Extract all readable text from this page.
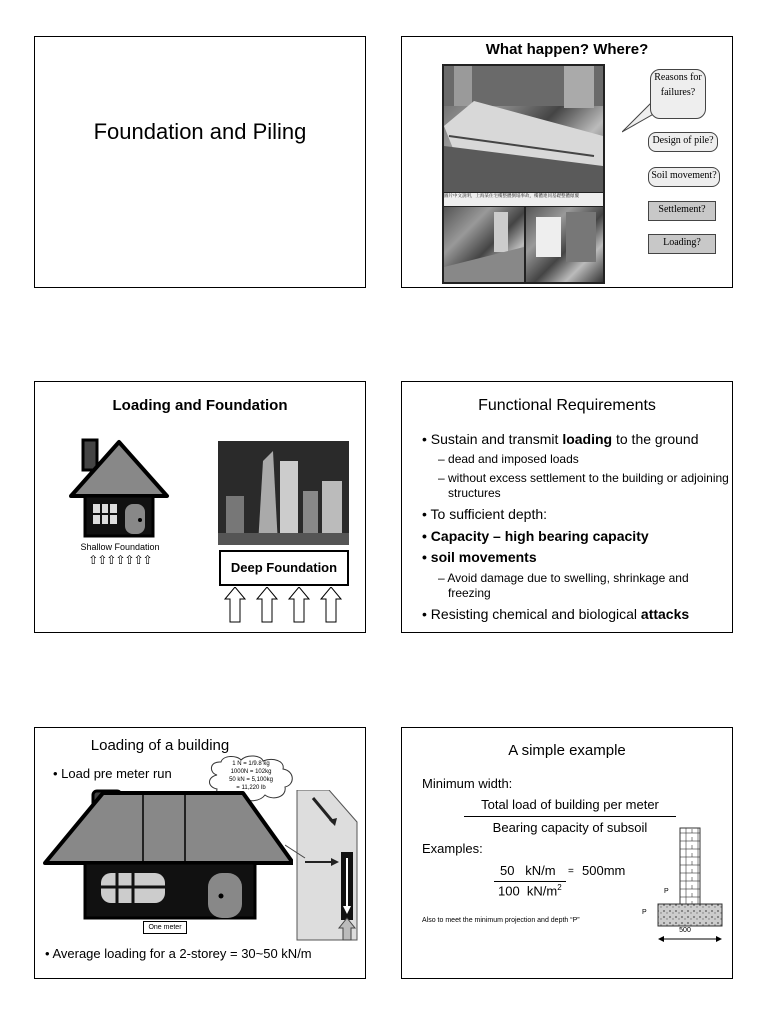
Foundation and Piling
What happen? Where?
圖片中文說明，上海某住宅樓整體倒塌事故，樓體連同基礎整體傾覆
Reasons for failures?
Design of pile?
Soil movement?
Settlement?
Loading?
Loading and Foundation
Shallow Foundation
⇧⇧⇧⇧⇧⇧⇧	Deep Foundation
Functional Requirements
• Sustain and transmit loading to the ground
– dead and imposed loads
– without excess settlement to the building or adjoining structures
• To sufficient depth:
• Capacity – high bearing capacity
• soil movements
– Avoid damage due to swelling, shrinkage and freezing
• Resisting chemical and biological attacks
Loading of a building
• Load pre meter run
1 N = 1/9.8 kg
1000N = 102kg
50 kN = 5,100kg
= 11,220 lb
One meter
• Average loading for a 2-storey = 30~50 kN/m
A simple example
Minimum width:
Total load of building per meter
Bearing capacity of subsoil
Examples:
50   kN/m = 500mm
100  $kN/m^2$
Also to meet the minimum projection and depth “P”
P
P
500
